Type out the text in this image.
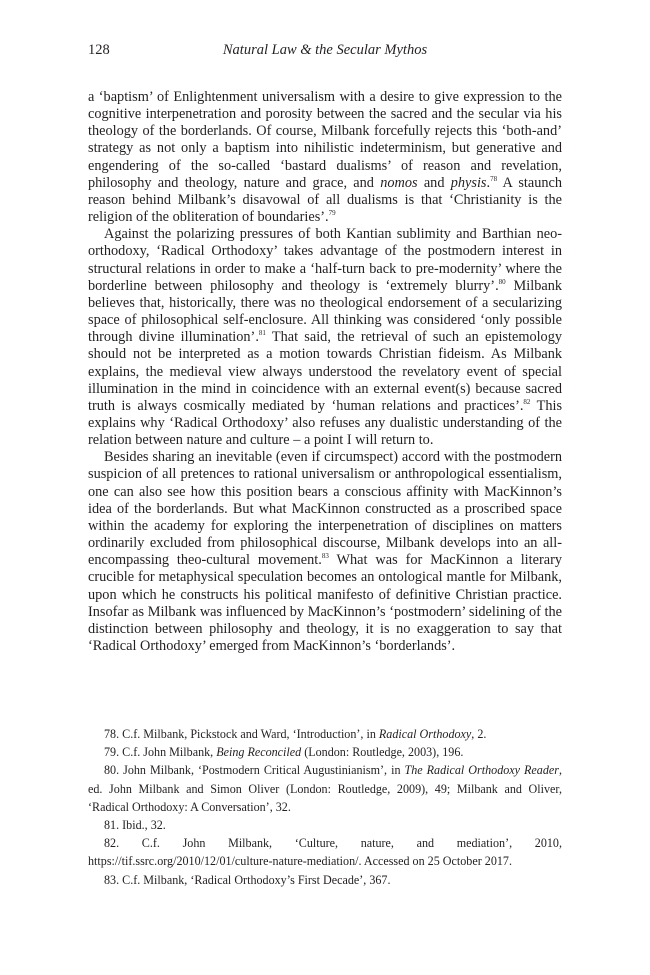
128	Natural Law & the Secular Mythos

a ‘baptism’ of Enlightenment universalism with a desire to give expression to the cognitive interpenetration and porosity between the sacred and the secular via his theology of the borderlands. Of course, Milbank forcefully rejects this ‘both-and’ strategy as not only a baptism into nihilistic indeterminism, but generative and engendering of the so-called ‘bastard dualisms’ of reason and revelation, philosophy and theology, nature and grace, and nomos and physis.$^{78}$ A staunch reason behind Milbank’s disavowal of all dualisms is that ‘Christianity is the religion of the obliteration of boundaries’.$^{79}$

Against the polarizing pressures of both Kantian sublimity and Barthian neo-orthodoxy, ‘Radical Orthodoxy’ takes advantage of the postmodern interest in structural relations in order to make a ‘half-turn back to pre-modernity’ where the borderline between philosophy and theology is ‘extremely blurry’.$^{80}$ Milbank believes that, historically, there was no theological endorsement of a secularizing space of philosophical self-enclosure. All thinking was considered ‘only possible through divine illumination’.$^{81}$ That said, the retrieval of such an epistemology should not be interpreted as a motion towards Christian fideism. As Milbank explains, the medieval view always understood the revelatory event of special illumination in the mind in coincidence with an external event(s) because sacred truth is always cosmically mediated by ‘human relations and practices’.$^{82}$ This explains why ‘Radical Orthodoxy’ also refuses any dualistic understanding of the relation between nature and culture – a point I will return to.

Besides sharing an inevitable (even if circumspect) accord with the postmodern suspicion of all pretences to rational universalism or anthropological essentialism, one can also see how this position bears a conscious affinity with MacKinnon’s idea of the borderlands. But what MacKinnon constructed as a proscribed space within the academy for exploring the interpenetration of disciplines on matters ordinarily excluded from philosophical discourse, Milbank develops into an all-encompassing theo-cultural movement.$^{83}$ What was for MacKinnon a literary crucible for metaphysical speculation becomes an ontological mantle for Milbank, upon which he constructs his political manifesto of definitive Christian practice. Insofar as Milbank was influenced by MacKinnon’s ‘postmodern’ sidelining of the distinction between philosophy and theology, it is no exaggeration to say that ‘Radical Orthodoxy’ emerged from MacKinnon’s ‘borderlands’.

78. C.f. Milbank, Pickstock and Ward, ‘Introduction’, in Radical Orthodoxy, 2.

79. C.f. John Milbank, Being Reconciled (London: Routledge, 2003), 196.

80. John Milbank, ‘Postmodern Critical Augustinianism’, in The Radical Orthodoxy Reader, ed. John Milbank and Simon Oliver (London: Routledge, 2009), 49; Milbank and Oliver, ‘Radical Orthodoxy: A Conversation’, 32.

81. Ibid., 32.

82. C.f. John Milbank, ‘Culture, nature, and mediation’, 2010, https://tif.ssrc.org/2010/12/01/culture-nature-mediation/. Accessed on 25 October 2017.

83. C.f. Milbank, ‘Radical Orthodoxy’s First Decade’, 367.
